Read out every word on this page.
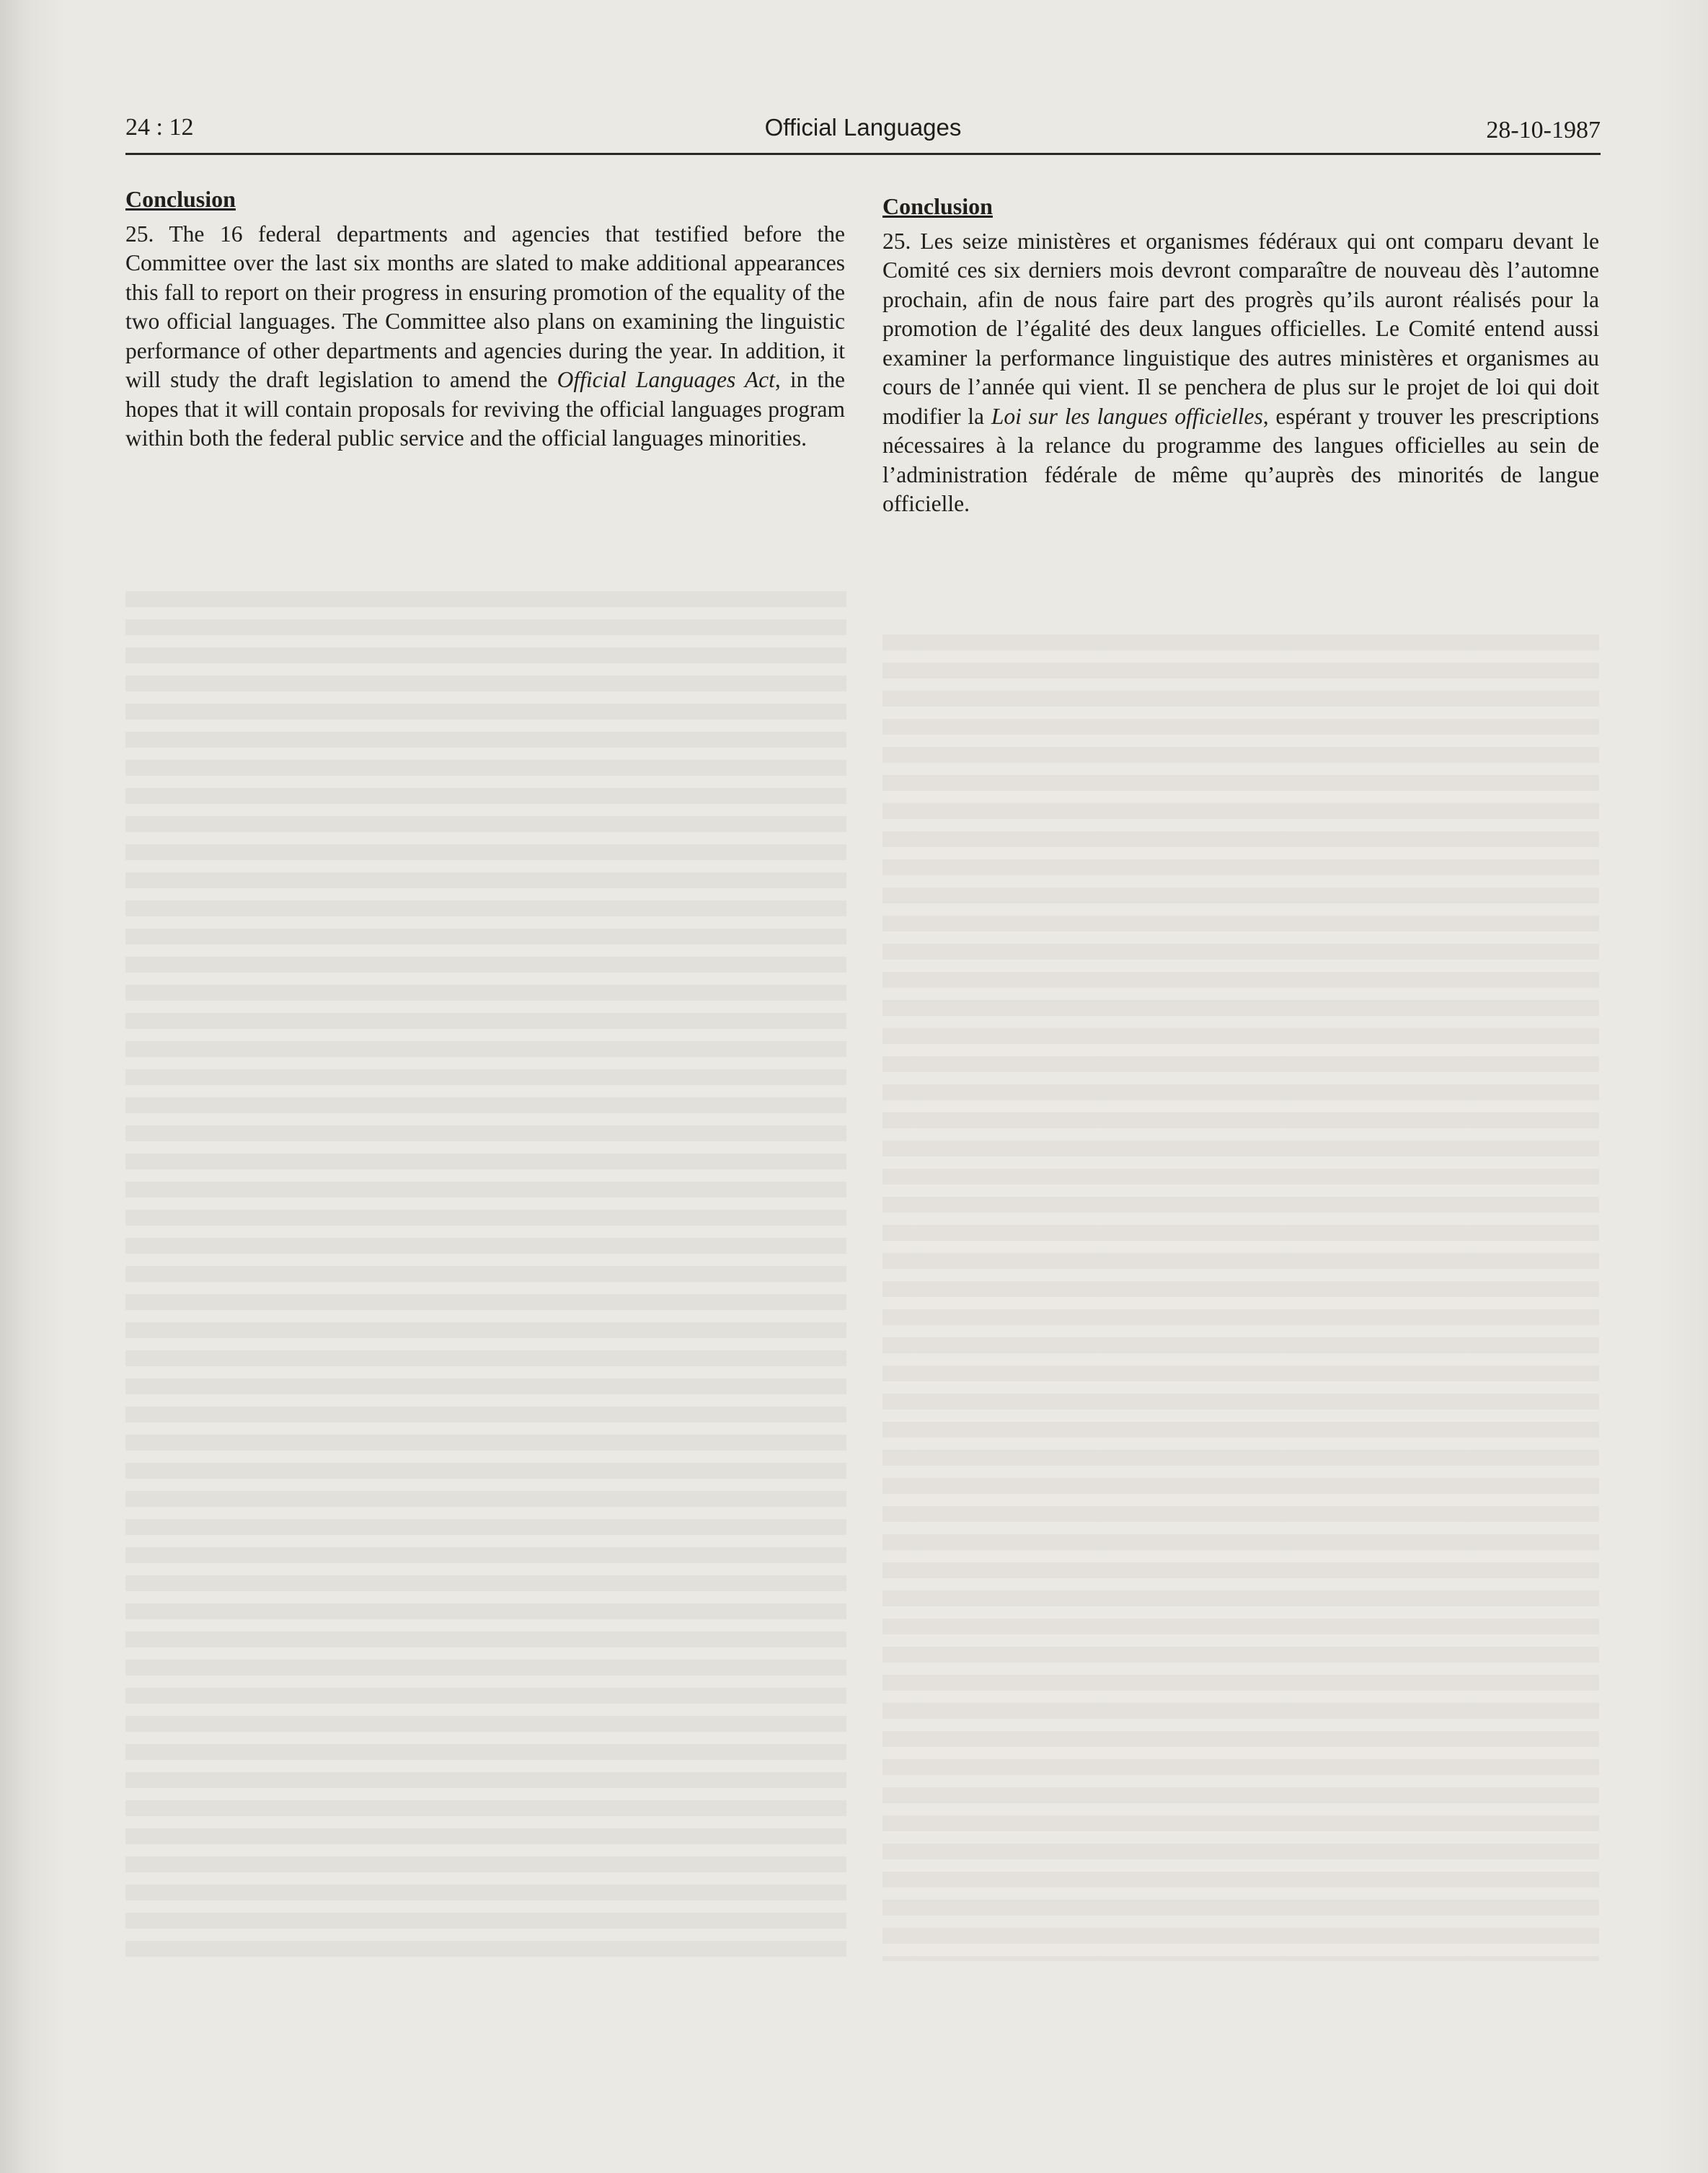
24 : 12	Official Languages	28-10-1987
Conclusion

25. The 16 federal departments and agencies that testified before the Committee over the last six months are slated to make additional appearances this fall to report on their progress in ensuring promotion of the equality of the two official languages. The Committee also plans on examining the linguistic performance of other departments and agencies during the year. In addition, it will study the draft legislation to amend the Official Languages Act, in the hopes that it will contain proposals for reviving the official languages program within both the federal public service and the official languages minorities.

Conclusion

25. Les seize ministères et organismes fédéraux qui ont comparu devant le Comité ces six derniers mois devront comparaître de nouveau dès l’automne prochain, afin de nous faire part des progrès qu’ils auront réalisés pour la promotion de l’égalité des deux langues officielles. Le Comité entend aussi examiner la performance linguistique des autres ministères et organismes au cours de l’année qui vient. Il se penchera de plus sur le projet de loi qui doit modifier la Loi sur les langues officielles, espérant y trouver les prescriptions nécessaires à la relance du programme des langues officielles au sein de l’administration fédérale de même qu’auprès des minorités de langue officielle.
